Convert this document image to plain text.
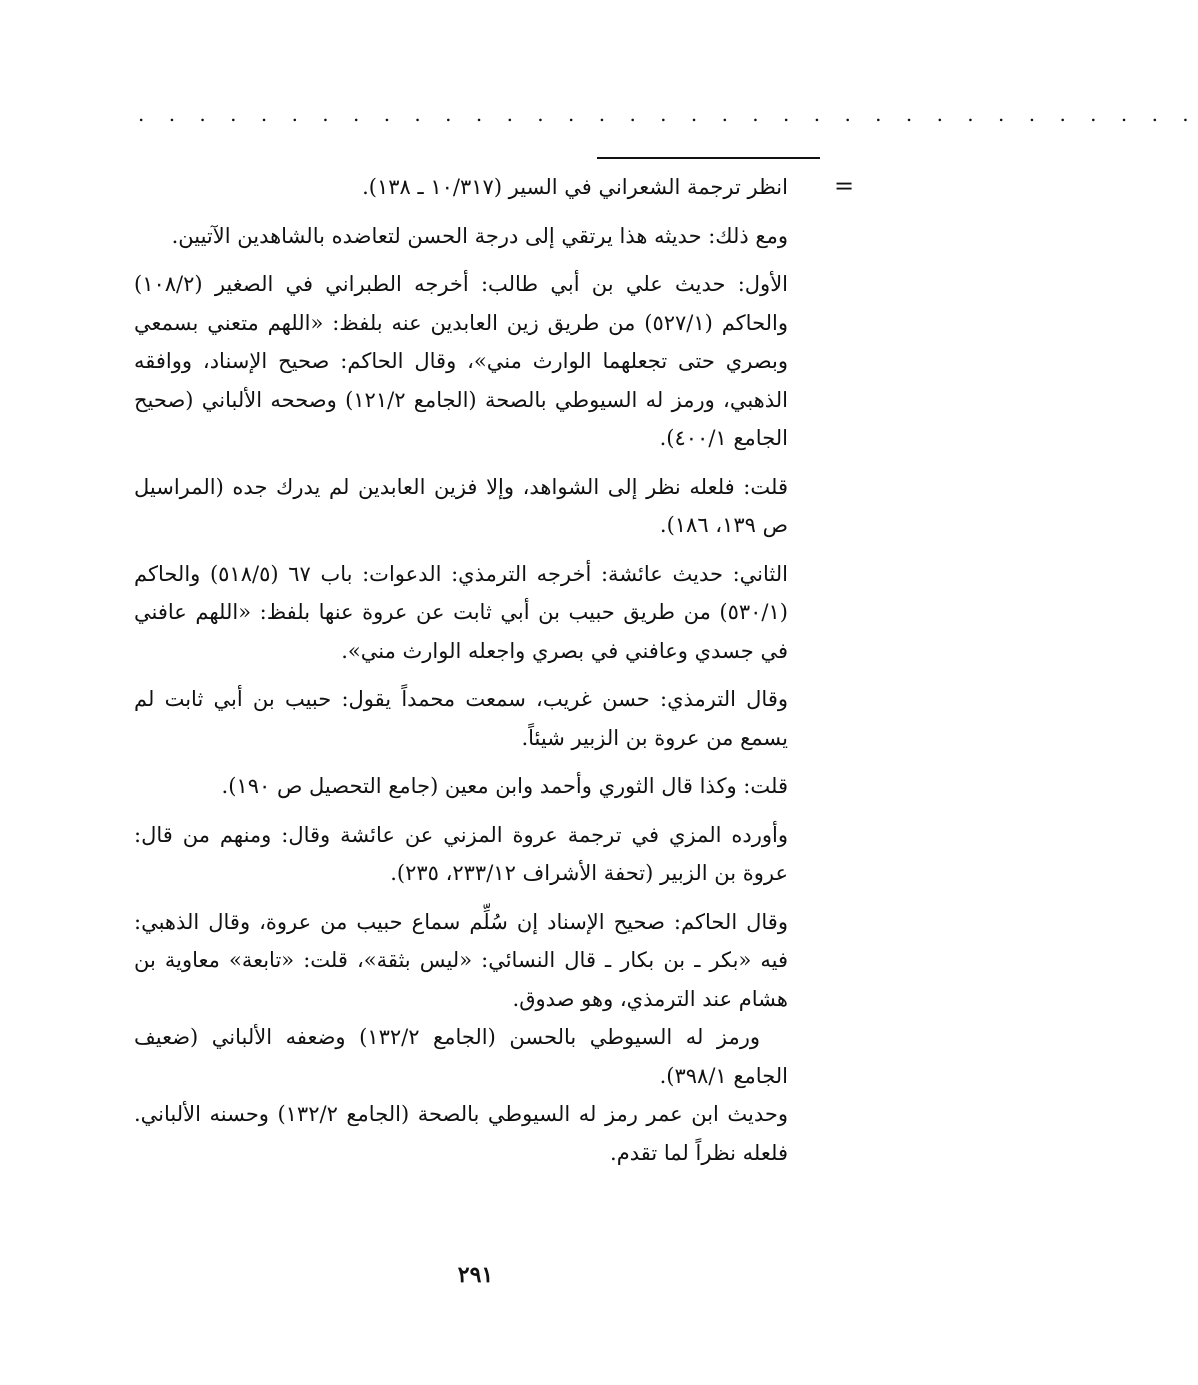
. . . . . . . . . . . . . . . . . . . . . . . . . . . . . . . . . . .
=

انظر ترجمة الشعراني في السير (١٠/٣١٧ ـ ١٣٨).

ومع ذلك: حديثه هذا يرتقي إلى درجة الحسن لتعاضده بالشاهدين الآتيين.

الأول: حديث علي بن أبي طالب: أخرجه الطبراني في الصغير (١٠٨/٢) والحاكم (٥٢٧/١) من طريق زين العابدين عنه بلفظ: «اللهم متعني بسمعي وبصري حتى تجعلهما الوارث مني»، وقال الحاكم: صحيح الإسناد، ووافقه الذهبي، ورمز له السيوطي بالصحة (الجامع ١٢١/٢) وصححه الألباني (صحيح الجامع ٤٠٠/١).

قلت: فلعله نظر إلى الشواهد، وإلا فزين العابدين لم يدرك جده (المراسيل ص ١٣٩، ١٨٦).

الثاني: حديث عائشة: أخرجه الترمذي: الدعوات: باب ٦٧ (٥١٨/٥) والحاكم (٥٣٠/١) من طريق حبيب بن أبي ثابت عن عروة عنها بلفظ: «اللهم عافني في جسدي وعافني في بصري واجعله الوارث مني».

وقال الترمذي: حسن غريب، سمعت محمداً يقول: حبيب بن أبي ثابت لم يسمع من عروة بن الزبير شيئاً.

قلت: وكذا قال الثوري وأحمد وابن معين (جامع التحصيل ص ١٩٠).

وأورده المزي في ترجمة عروة المزني عن عائشة وقال: ومنهم من قال: عروة بن الزبير (تحفة الأشراف ٢٣٣/١٢، ٢٣٥).

وقال الحاكم: صحيح الإسناد إن سُلِّم سماع حبيب من عروة، وقال الذهبي: فيه «بكر ـ بن بكار ـ قال النسائي: «ليس بثقة»، قلت: «تابعة» معاوية بن هشام عند الترمذي، وهو صدوق.

ورمز له السيوطي بالحسن (الجامع ١٣٢/٢) وضعفه الألباني (ضعيف الجامع ٣٩٨/١).

وحديث ابن عمر رمز له السيوطي بالصحة (الجامع ١٣٢/٢) وحسنه الألباني. فلعله نظراً لما تقدم.

٢٩١
